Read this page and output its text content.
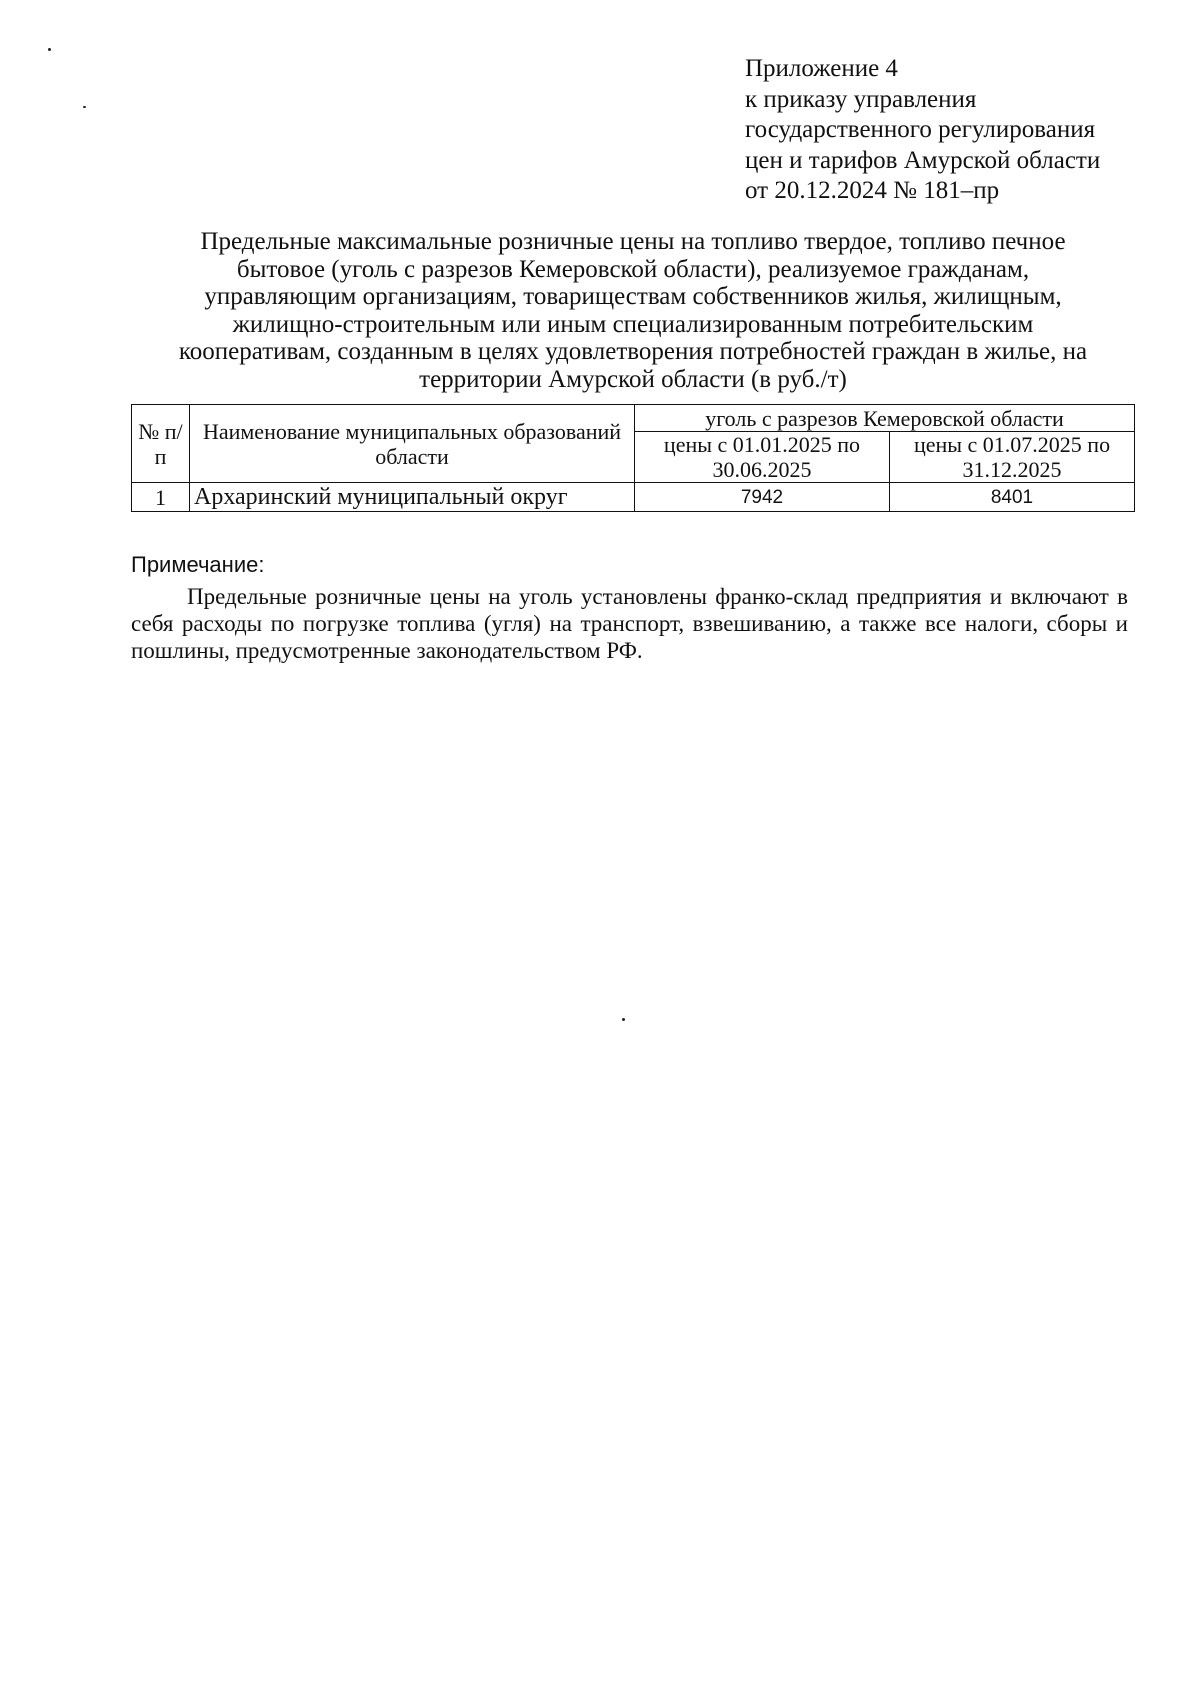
Приложение 4
к приказу управления
государственного регулирования
цен и тарифов Амурской области
от 20.12.2024 № 181–пр
Предельные максимальные розничные цены на топливо твердое, топливо печное
бытовое (уголь с разрезов Кемеровской области), реализуемое гражданам,
управляющим организациям, товариществам собственников жилья, жилищным,
жилищно-строительным или иным специализированным потребительским
кооперативам, созданным в целях удовлетворения потребностей граждан в жилье, на
территории Амурской области (в руб./т)
№ п/п	Наименование муниципальных образований области	уголь с разрезов Кемеровской области	
		цены с 01.01.2025 по 30.06.2025	цены с 01.07.2025 по 31.12.2025
1	Архаринский муниципальный округ	7942	8401
Примечание:
Предельные розничные цены на уголь установлены франко-склад предприятия и включают в себя расходы по погрузке топлива (угля) на транспорт, взвешиванию, а также все налоги, сборы и пошлины, предусмотренные законодательством РФ.
